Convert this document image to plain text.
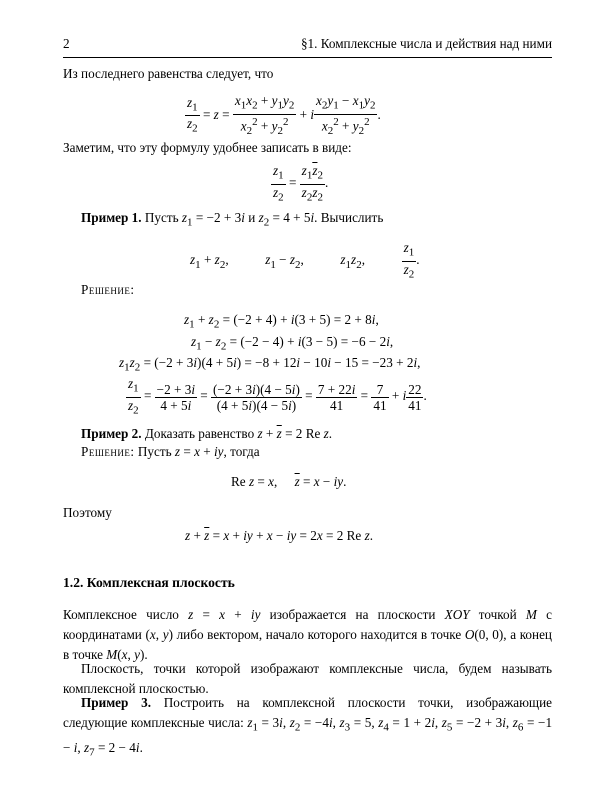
2	§1. Комплексные числа и действия над ними
Из последнего равенства следует, что
$\frac{z_1}{z_2} = z = \frac{x_1x_2 + y_1y_2}{x_2^2 + y_2^2} + i \frac{x_2y_1 - x_1y_2}{x_2^2 + y_2^2}$ .
Заметим, что эту формулу удобнее записать в виде:
$\frac{z_1}{z_2} = \frac{z_1\overline{z}_2}{z_2\overline{z}_2}$ .
Пример 1. Пусть $z_1 = -2 + 3i$ и $z_2 = 4 + 5i$. Вычислить
$z_1 + z_2$,	$z_1 - z_2$,	$z_1z_2$,	$\frac{z_1}{z_2}$ .
Решение:
$z_1 + z_2 = (-2 + 4) + i(3 + 5) = 2 + 8i$,
$z_1 - z_2 = (-2 - 4) + i(3 - 5) = -6 - 2i$,
$z_1z_2 = (-2 + 3i)(4 + 5i) = -8 + 12i - 10i - 15 = -23 + 2i$,
$\frac{z_1}{z_2} = \frac{-2 + 3i}{4 + 5i} = \frac{(-2 + 3i)(4 - 5i)}{(4 + 5i)(4 - 5i)} = \frac{7 + 22i}{41} = \frac{7}{41} + i \frac{22}{41}$ .
Пример 2. Доказать равенство $z + \overline{z} = 2$ Re z.
Решение: Пусть z = x + iy, тогда
Re z = x, $\overline{z} = x$ − iy.
Поэтому
$z + \overline{z} = x$ + iy + x − iy = 2x = 2 Re z.
1.2. Комплексная плоскость
Комплексное число z = x + iy изображается на плоскости XOY точкой M с координатами (x, y) либо вектором, начало которого находится в точке O(0, 0), а конец в точке M(x, y).
Плоскость, точки которой изображают комплексные числа, будем называть комплексной плоскостью.
Пример 3. Построить на комплексной плоскости точки, изображающие следующие комплексные числа: $z_1 = 3i$, $z_2 = -4i$, $z_3 = 5$, $z_4 = 1 + 2i$, $z_5 = -2 + 3i$, $z_6 = -1 - i$, $z_7 = 2 - 4i$.
